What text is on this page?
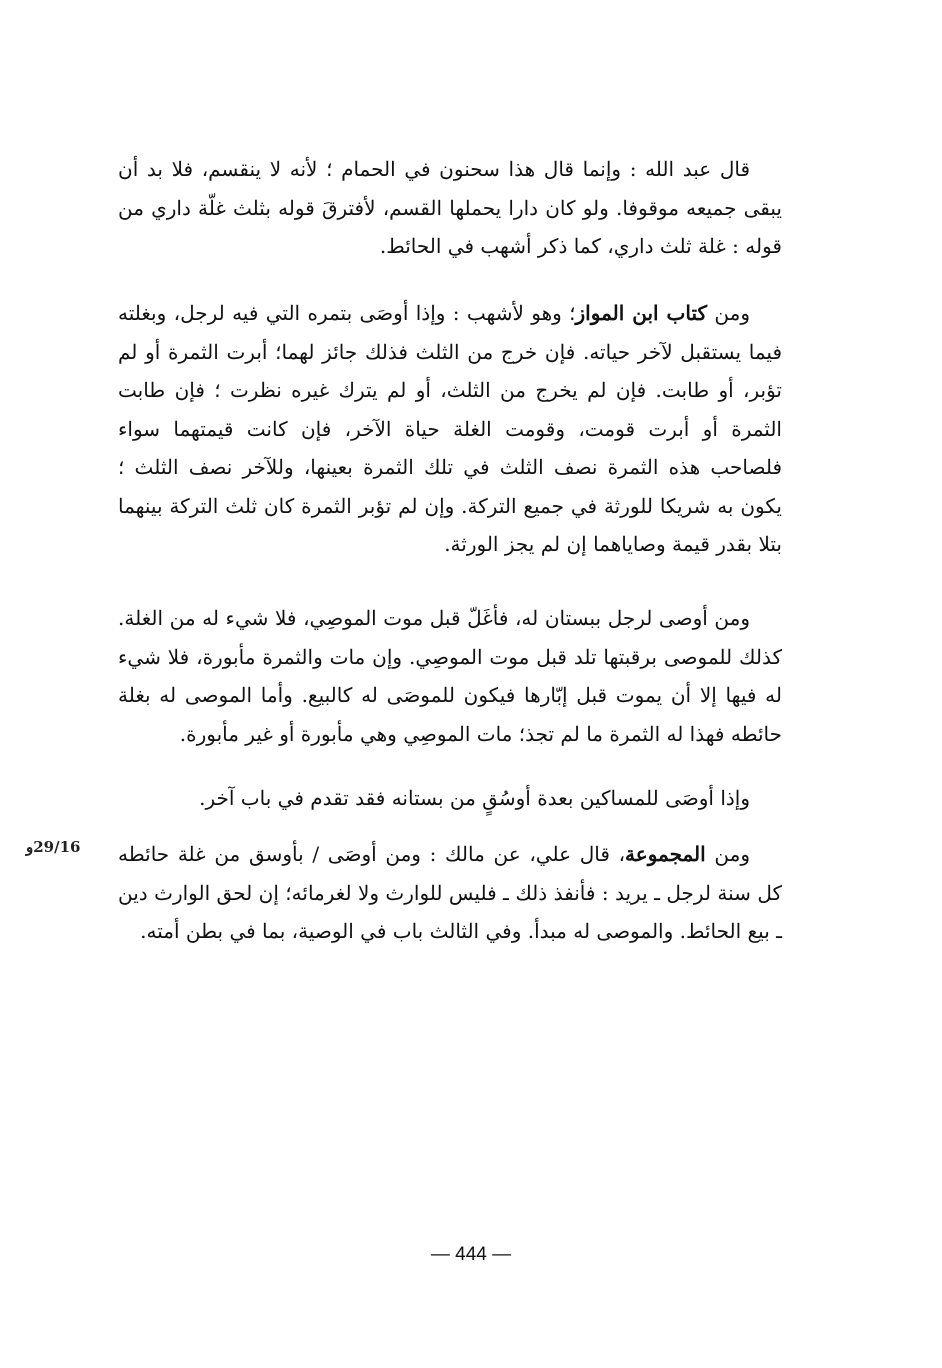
قال عبد الله : وإنما قال هذا سحنون في الحمام ؛ لأنه لا ينقسم، فلا بد أن يبقى جميعه موقوفا. ولو كان دارا يحملها القسم، لأفترقَ قوله بثلث غلّة داري من قوله : غلة ثلث داري، كما ذكر أشهب في الحائط.

ومن كتاب ابن المواز؛ وهو لأشهب : وإذا أوصَى بتمره التي فيه لرجل، وبغلته فيما يستقبل لآخر حياته. فإن خرج من الثلث فذلك جائز لهما؛ أبرت الثمرة أو لم تؤبر، أو طابت. فإن لم يخرج من الثلث، أو لم يترك غيره نظرت ؛ فإن طابت الثمرة أو أبرت قومت، وقومت الغلة حياة الآخر، فإن كانت قيمتهما سواء فلصاحب هذه الثمرة نصف الثلث في تلك الثمرة بعينها، وللآخر نصف الثلث ؛ يكون به شريكا للورثة في جميع التركة. وإن لم تؤبر الثمرة كان ثلث التركة بينهما بتلا بقدر قيمة وصاياهما إن لم يجز الورثة.

ومن أوصى لرجل ببستان له، فأغَلّ قبل موت الموصِي، فلا شيء له من الغلة. كذلك للموصى برقبتها تلد قبل موت الموصِي. وإن مات والثمرة مأبورة، فلا شيء له فيها إلا أن يموت قبل إبّارها فيكون للموصَى له كالبيع. وأما الموصى له بغلة حائطه فهذا له الثمرة ما لم تجذ؛ مات الموصِي وهي مأبورة أو غير مأبورة.

وإذا أوصَى للمساكين بعدة أوسُقٍ من بستانه فقد تقدم في باب آخر.

ومن المجموعة، قال علي، عن مالك : ومن أوصَى / بأوسق من غلة حائطه كل سنة لرجل ـ يريد : فأنفذ ذلك ـ فليس للوارث ولا لغرمائه؛ إن لحق الوارث دين ـ بيع الحائط. والموصى له مبدأ. وفي الثالث باب في الوصية، بما في بطن أمته.

29/16و
— 444 —
